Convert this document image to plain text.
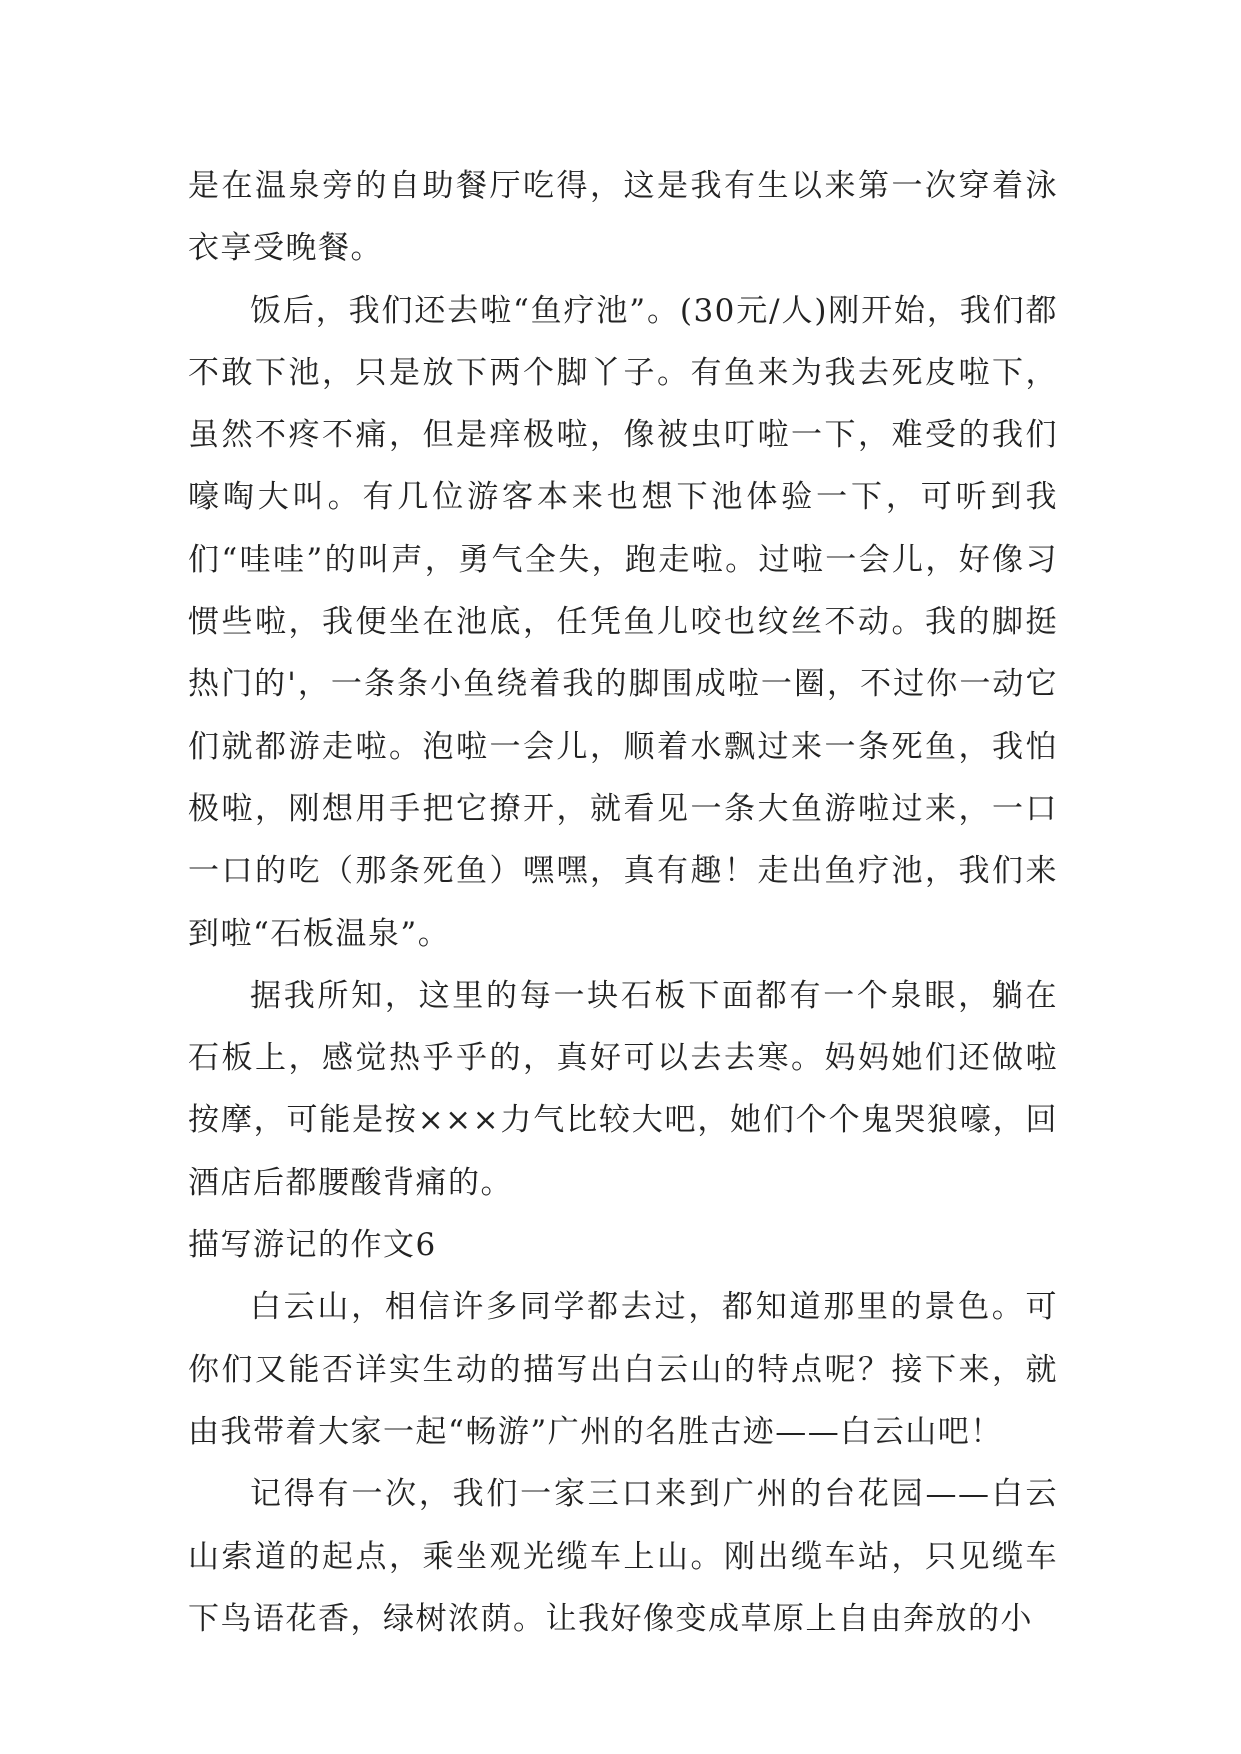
是在温泉旁的自助餐厅吃得，这是我有生以来第一次穿着泳衣享受晚餐。

饭后，我们还去啦“鱼疗池”。(30元/人)刚开始，我们都不敢下池，只是放下两个脚丫子。有鱼来为我去死皮啦下，虽然不疼不痛，但是痒极啦，像被虫叮啦一下，难受的我们嚎啕大叫。有几位游客本来也想下池体验一下，可听到我们“哇哇”的叫声，勇气全失，跑走啦。过啦一会儿，好像习惯些啦，我便坐在池底，任凭鱼儿咬也纹丝不动。我的脚挺热门的'，一条条小鱼绕着我的脚围成啦一圈，不过你一动它们就都游走啦。泡啦一会儿，顺着水飘过来一条死鱼，我怕极啦，刚想用手把它撩开，就看见一条大鱼游啦过来，一口一口的吃（那条死鱼）嘿嘿，真有趣！走出鱼疗池，我们来到啦“石板温泉”。

据我所知，这里的每一块石板下面都有一个泉眼，躺在石板上，感觉热乎乎的，真好可以去去寒。妈妈她们还做啦按摩，可能是按×××力气比较大吧，她们个个鬼哭狼嚎，回酒店后都腰酸背痛的。

描写游记的作文6

白云山，相信许多同学都去过，都知道那里的景色。可你们又能否详实生动的描写出白云山的特点呢？接下来，就由我带着大家一起“畅游”广州的名胜古迹——白云山吧！

记得有一次，我们一家三口来到广州的台花园——白云山索道的起点，乘坐观光缆车上山。刚出缆车站，只见缆车下鸟语花香，绿树浓荫。让我好像变成草原上自由奔放的小
